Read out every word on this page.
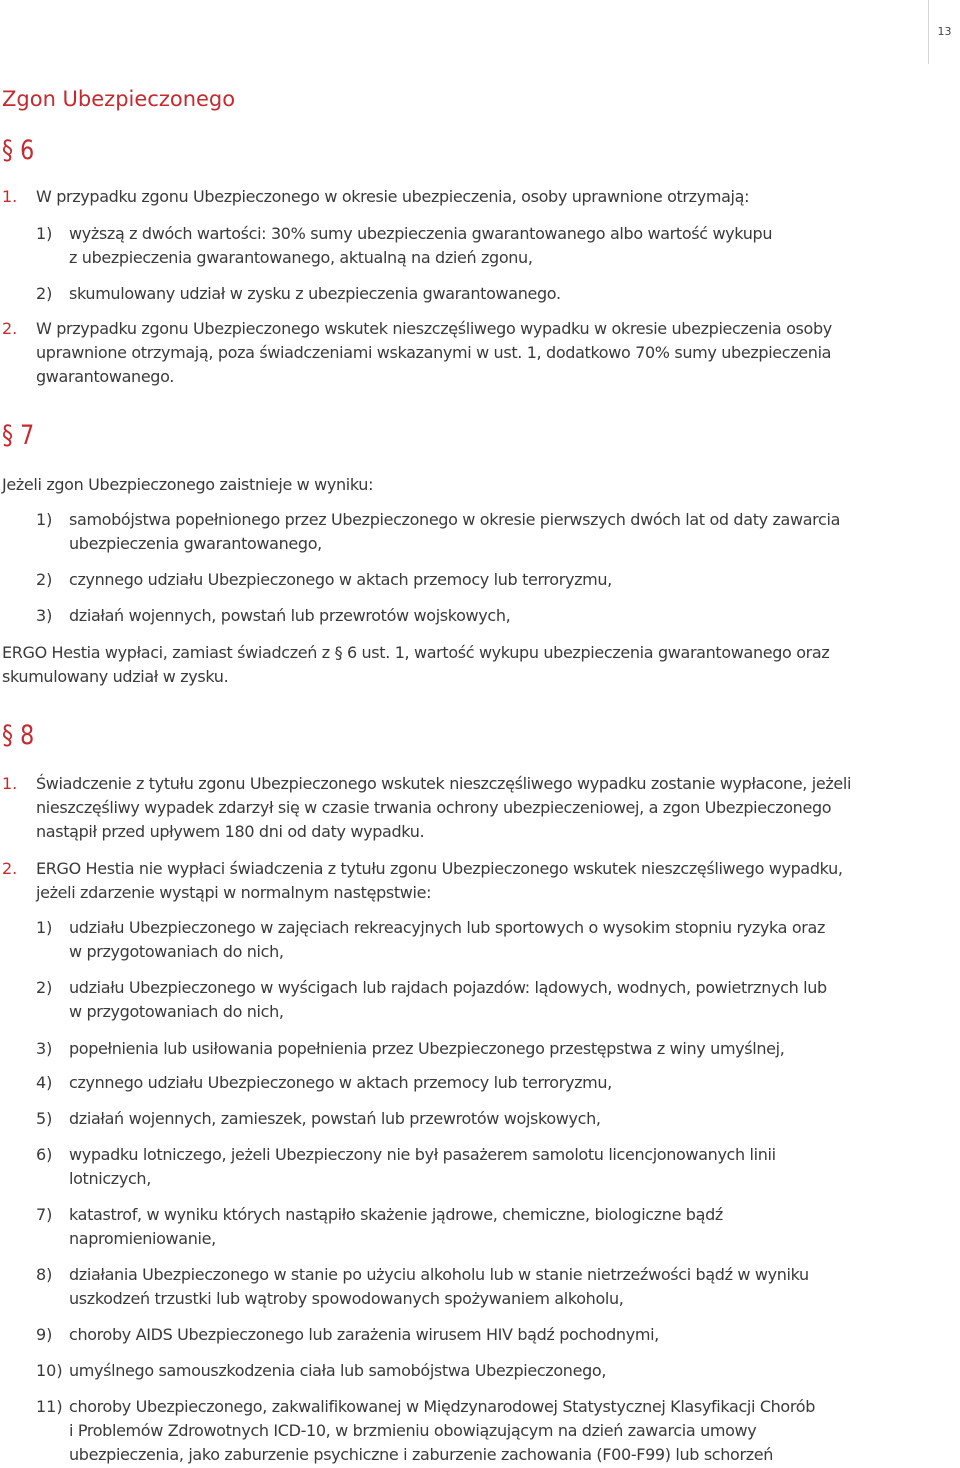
13
Zgon Ubezpieczonego
§ 6
1. W przypadku zgonu Ubezpieczonego w okresie ubezpieczenia, osoby uprawnione otrzymają:
1) wyższą z dwóch wartości: 30% sumy ubezpieczenia gwarantowanego albo wartość wykupu
z ubezpieczenia gwarantowanego, aktualną na dzień zgonu,
2) skumulowany udział w zysku z ubezpieczenia gwarantowanego.
2. W przypadku zgonu Ubezpieczonego wskutek nieszczęśliwego wypadku w okresie ubezpieczenia osoby
uprawnione otrzymają, poza świadczeniami wskazanymi w ust. 1, dodatkowo 70% sumy ubezpieczenia
gwarantowanego.
§ 7
Jeżeli zgon Ubezpieczonego zaistnieje w wyniku:
1) samobójstwa popełnionego przez Ubezpieczonego w okresie pierwszych dwóch lat od daty zawarcia
ubezpieczenia gwarantowanego,
2) czynnego udziału Ubezpieczonego w aktach przemocy lub terroryzmu,
3) działań wojennych, powstań lub przewrotów wojskowych,
ERGO Hestia wypłaci, zamiast świadczeń z § 6 ust. 1, wartość wykupu ubezpieczenia gwarantowanego oraz
skumulowany udział w zysku.
§ 8
1. Świadczenie z tytułu zgonu Ubezpieczonego wskutek nieszczęśliwego wypadku zostanie wypłacone, jeżeli
nieszczęśliwy wypadek zdarzył się w czasie trwania ochrony ubezpieczeniowej, a zgon Ubezpieczonego
nastąpił przed upływem 180 dni od daty wypadku.
2. ERGO Hestia nie wypłaci świadczenia z tytułu zgonu Ubezpieczonego wskutek nieszczęśliwego wypadku,
jeżeli zdarzenie wystąpi w normalnym następstwie:
1) udziału Ubezpieczonego w zajęciach rekreacyjnych lub sportowych o wysokim stopniu ryzyka oraz
w przygotowaniach do nich,
2) udziału Ubezpieczonego w wyścigach lub rajdach pojazdów: lądowych, wodnych, powietrznych lub
w przygotowaniach do nich,
3) popełnienia lub usiłowania popełnienia przez Ubezpieczonego przestępstwa z winy umyślnej,
4) czynnego udziału Ubezpieczonego w aktach przemocy lub terroryzmu,
5) działań wojennych, zamieszek, powstań lub przewrotów wojskowych,
6) wypadku lotniczego, jeżeli Ubezpieczony nie był pasażerem samolotu licencjonowanych linii
lotniczych,
7) katastrof, w wyniku których nastąpiło skażenie jądrowe, chemiczne, biologiczne bądź
napromieniowanie,
8) działania Ubezpieczonego w stanie po użyciu alkoholu lub w stanie nietrzeźwości bądź w wyniku
uszkodzeń trzustki lub wątroby spowodowanych spożywaniem alkoholu,
9) choroby AIDS Ubezpieczonego lub zarażenia wirusem HIV bądź pochodnymi,
10) umyślnego samouszkodzenia ciała lub samobójstwa Ubezpieczonego,
11) choroby Ubezpieczonego, zakwalifikowanej w Międzynarodowej Statystycznej Klasyfikacji Chorób
i Problemów Zdrowotnych ICD-10, w brzmieniu obowiązującym na dzień zawarcia umowy
ubezpieczenia, jako zaburzenie psychiczne i zaburzenie zachowania (F00-F99) lub schorzeń
